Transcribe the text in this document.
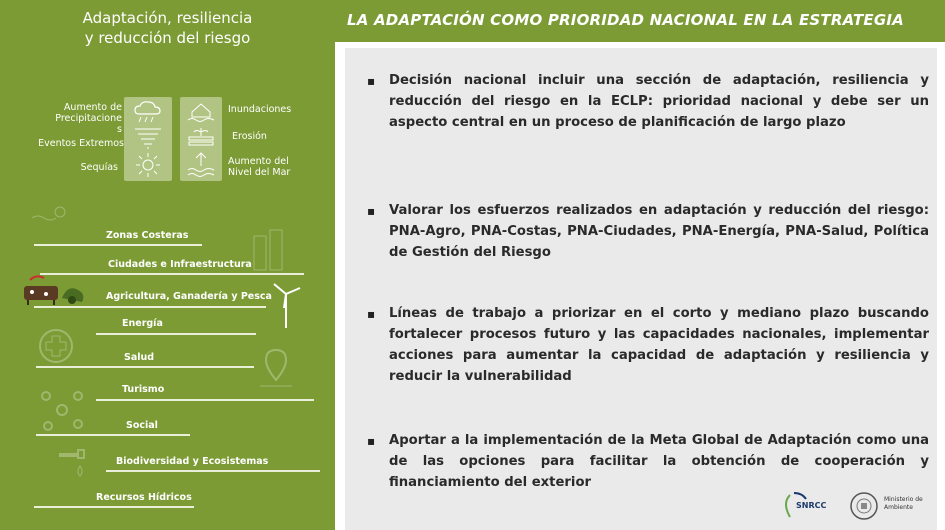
Adaptación, resiliencia
y reducción del riesgo
Aumento de
Precipitacione
s
Eventos Extremos
Sequías
Inundaciones
Erosión
Aumento del Nivel del Mar
Zonas Costeras
Ciudades e Infraestructura
Agricultura, Ganadería y Pesca
Energía
Salud
Turismo
Social
Biodiversidad y Ecosistemas
Recursos Hídricos
LA ADAPTACIÓN COMO PRIORIDAD NACIONAL EN LA ESTRATEGIA
▪ Decisión nacional incluir una sección de adaptación, resiliencia y reducción del riesgo en la ECLP: prioridad nacional y debe ser un aspecto central en un proceso de planificación de largo plazo
▪ Valorar los esfuerzos realizados en adaptación y reducción del riesgo: PNA-Agro, PNA-Costas, PNA-Ciudades, PNA-Energía, PNA-Salud, Política de Gestión del Riesgo
▪ Líneas de trabajo a priorizar en el corto y mediano plazo buscando fortalecer procesos futuro y las capacidades nacionales, implementar acciones para aumentar la capacidad de adaptación y resiliencia y reducir la vulnerabilidad
▪ Aportar a la implementación de la Meta Global de Adaptación como una de las opciones para facilitar la obtención de cooperación y financiamiento del exterior
SNRCC
Ministerio de Ambiente
